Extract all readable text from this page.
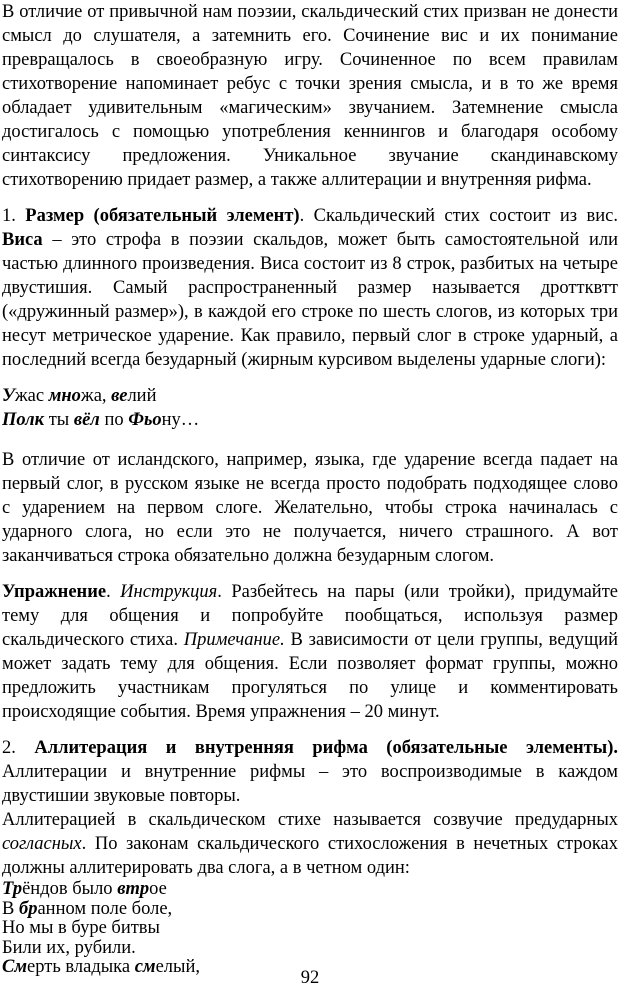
В отличие от привычной нам поэзии, скальдический стих призван не донести
смысл до слушателя, а затемнить его. Сочинение вис и их понимание
превращалось в своеобразную игру. Сочиненное по всем правилам
стихотворение напоминает ребус с точки зрения смысла, и в то же время
обладает удивительным «магическим» звучанием. Затемнение смысла
достигалось с помощью употребления кеннингов и благодаря особому
синтаксису предложения. Уникальное звучание скандинавскому
стихотворению придает размер, а также аллитерации и внутренняя рифма.
1. Размер (обязательный элемент). Скальдический стих состоит из вис.
Виса – это строфа в поэзии скальдов, может быть самостоятельной или
частью длинного произведения. Виса состоит из 8 строк, разбитых на четыре
двустишия. Самый распространенный размер называется дроттквтт
(«дружинный размер»), в каждой его строке по шесть слогов, из которых три
несут метрическое ударение. Как правило, первый слог в строке ударный, а
последний всегда безударный (жирным курсивом выделены ударные слоги):
Ужас множа, велий
Полк ты вёл по Фьону…
В отличие от исландского, например, языка, где ударение всегда падает на
первый слог, в русском языке не всегда просто подобрать подходящее слово
с ударением на первом слоге. Желательно, чтобы строка начиналась с
ударного слога, но если это не получается, ничего страшного. А вот
заканчиваться строка обязательно должна безударным слогом.
Упражнение. Инструкция. Разбейтесь на пары (или тройки), придумайте
тему для общения и попробуйте пообщаться, используя размер
скальдического стиха. Примечание. В зависимости от цели группы, ведущий
может задать тему для общения. Если позволяет формат группы, можно
предложить участникам прогуляться по улице и комментировать
происходящие события. Время упражнения – 20 минут.
2. Аллитерация и внутренняя рифма (обязательные элементы).
Аллитерации и внутренние рифмы – это воспроизводимые в каждом
двустишии звуковые повторы.
Аллитерацией в скальдическом стихе называется созвучие предударных
согласных. По законам скальдического стихосложения в нечетных строках
должны аллитерировать два слога, а в четном один:
Трёндов было втрое
В бранном поле боле,
Но мы в буре битвы
92
Били их, рубили.
Смерть владыка смелый,
